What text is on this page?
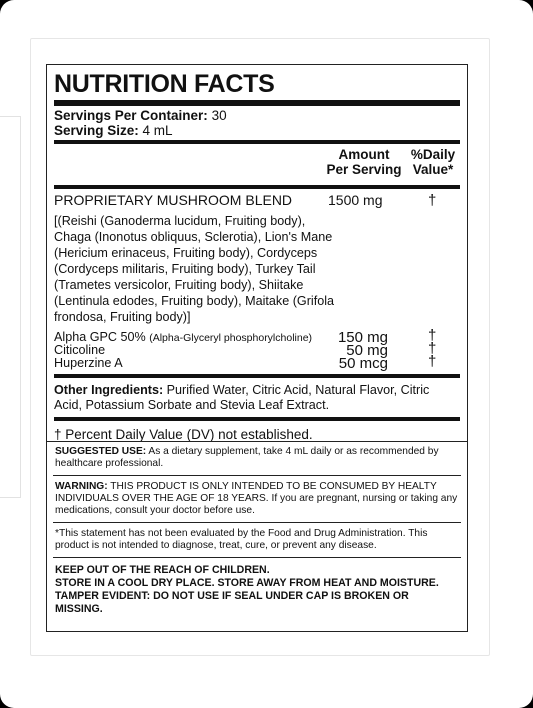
NUTRITION FACTS
Servings Per Container: 30
Serving Size: 4 mL
Amount
Per Serving
%Daily
Value*
PROPRIETARY MUSHROOM BLEND	1500 mg	†
[(Reishi (Ganoderma lucidum, Fruiting body), Chaga (Inonotus obliquus, Sclerotia), Lion's Mane (Hericium erinaceus, Fruiting body), Cordyceps (Cordyceps militaris, Fruiting body), Turkey Tail (Trametes versicolor, Fruiting body), Shiitake (Lentinula edodes, Fruiting body), Maitake (Grifola frondosa, Fruiting body)]
Alpha GPC 50% (Alpha-Glyceryl phosphorylcholine) 150 mg	†
Citicoline	50 mg	†
Huperzine A	50 mcg	†
Other Ingredients: Purified Water, Citric Acid, Natural Flavor, Citric Acid, Potassium Sorbate and Stevia Leaf Extract.
† Percent Daily Value (DV) not established.
SUGGESTED USE: As a dietary supplement, take 4 mL daily or as recommended by healthcare professional.
WARNING: THIS PRODUCT IS ONLY INTENDED TO BE CONSUMED BY HEALTY INDIVIDUALS OVER THE AGE OF 18 YEARS. If you are pregnant, nursing or taking any medications, consult your doctor before use.
*This statement has not been evaluated by the Food and Drug Administration. This product is not intended to diagnose, treat, cure, or prevent any disease.
KEEP OUT OF THE REACH OF CHILDREN.
STORE IN A COOL DRY PLACE. STORE AWAY FROM HEAT AND MOISTURE.
TAMPER EVIDENT: DO NOT USE IF SEAL UNDER CAP IS BROKEN OR MISSING.
